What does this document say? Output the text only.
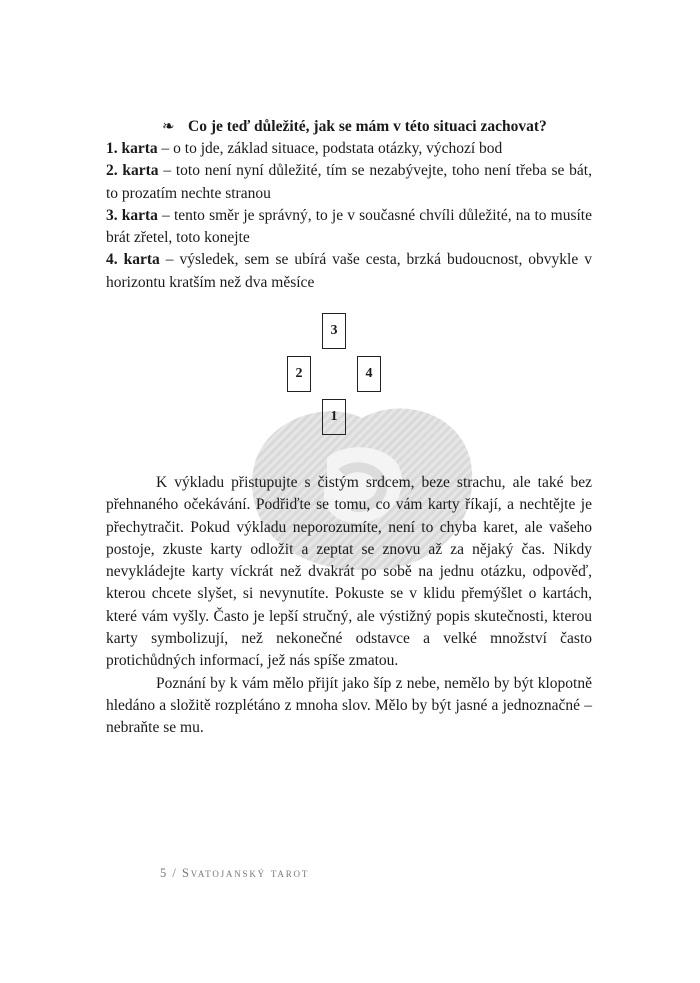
❧ Co je teď důležité, jak se mám v této situaci zachovat?

1. karta – o to jde, základ situace, podstata otázky, výchozí bod

2. karta – toto není nyní důležité, tím se nezabývejte, toho není třeba se bát, to prozatím nechte stranou

3. karta – tento směr je správný, to je v současné chvíli důležité, na to musíte brát zřetel, toto konejte

4. karta – výsledek, sem se ubírá vaše cesta, brzká budoucnost, obvykle v horizontu kratším než dva měsíce

3
2	4
1

K výkladu přistupujte s čistým srdcem, beze strachu, ale také bez přehnaného očekávání. Podřiďte se tomu, co vám karty říkají, a nechtějte je přechytračit. Pokud výkladu neporozumíte, není to chyba karet, ale vašeho postoje, zkuste karty odložit a zeptat se znovu až za nějaký čas. Nikdy nevykládejte karty víckrát než dvakrát po sobě na jednu otázku, odpověď, kterou chcete slyšet, si nevynutíte. Pokuste se v klidu přemýšlet o kartách, které vám vyšly. Často je lepší stručný, ale výstižný popis skutečnosti, kterou karty symbolizují, než nekonečné odstavce a velké množství často protichůdných informací, jež nás spíše zmatou.

Poznání by k vám mělo přijít jako šíp z nebe, nemělo by být klopotně hledáno a složitě rozplétáno z mnoha slov. Mělo by být jasné a jednoznačné – nebraňte se mu.

5 / Svatojanský tarot
